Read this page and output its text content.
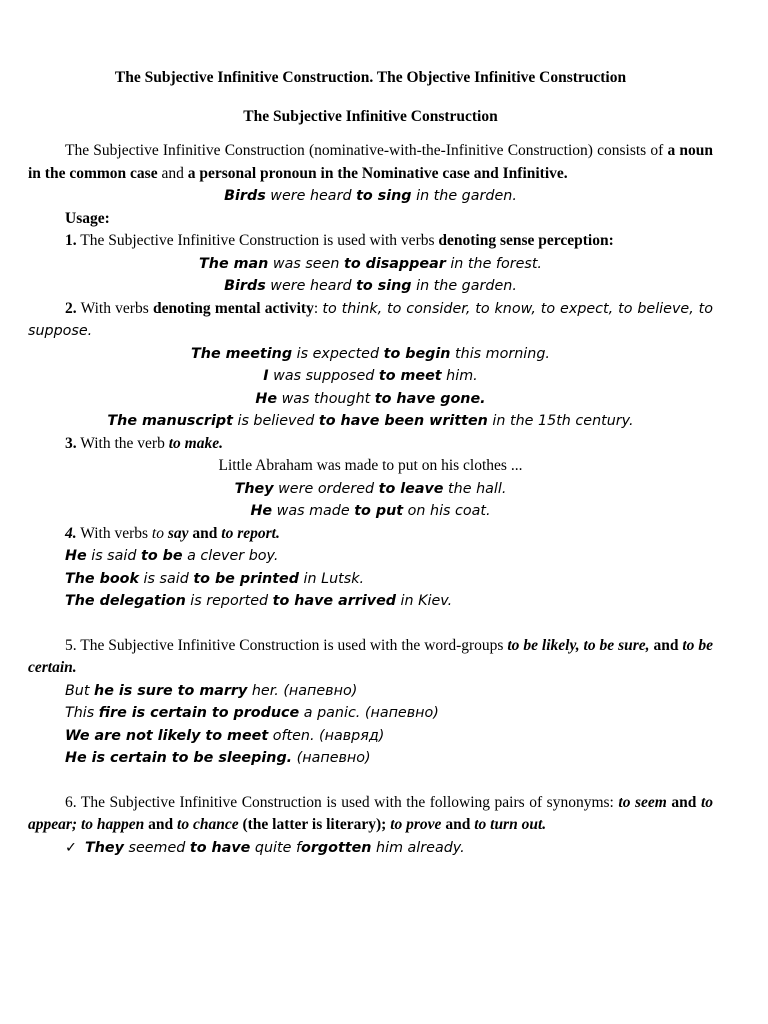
The Subjective Infinitive Construction. The Objective Infinitive Construction
The Subjective Infinitive Construction

The Subjective Infinitive Construction (nominative-with-the-Infinitive Construction) consists of a noun in the common case and a personal pronoun in the Nominative case and Infinitive.

Birds were heard to sing in the garden.

Usage:

1. The Subjective Infinitive Construction is used with verbs denoting sense perception:

The man was seen to disappear in the forest.

Birds were heard to sing in the garden.

2. With verbs denoting mental activity: to think, to consider, to know, to expect, to believe, to suppose.

The meeting is expected to begin this morning.

I was supposed to meet him.

He was thought to have gone.

The manuscript is believed to have been written in the 15th century.

3. With the verb to make.

Little Abraham was made to put on his clothes ...

They were ordered to leave the hall.

He was made to put on his coat.

4. With verbs to say and to report.

He is said to be a clever boy.

The book is said to be printed in Lutsk.

The delegation is reported to have arrived in Kiev.

5. The Subjective Infinitive Construction is used with the word-groups to be likely, to be sure, and to be certain.

But he is sure to marry her. (напевно)

This fire is certain to produce a panic. (напевно)

We are not likely to meet often. (навряд)

He is certain to be sleeping. (напевно)

6. The Subjective Infinitive Construction is used with the following pairs of synonyms: to seem and to appear; to happen and to chance (the latter is literary); to prove and to turn out.

✓ They seemed to have quite forgotten him already.
